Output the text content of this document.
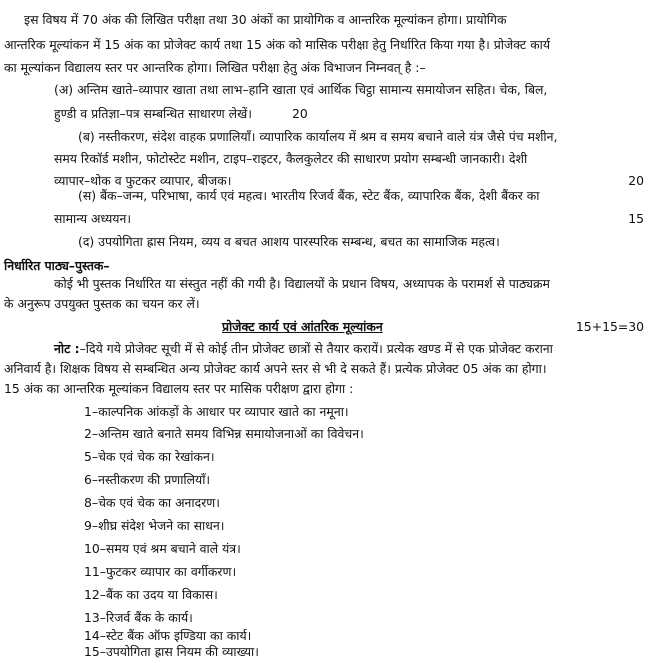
इस विषय में 70 अंक की लिखित परीक्षा तथा 30 अंकों का प्रायोगिक व आन्तरिक मूल्यांकन होगा। प्रायोगिक
आन्तरिक मूल्यांकन में 15 अंक का प्रोजेक्ट कार्य तथा 15 अंक को मासिक परीक्षा हेतु निर्धारित किया गया है। प्रोजेक्ट कार्य
का मूल्यांकन विद्यालय स्तर पर आन्तरिक होगा। लिखित परीक्षा हेतु अंक विभाजन निम्नवत् है :–
(अ) अन्तिम खाते–व्यापार खाता तथा लाभ–हानि खाता एवं आर्थिक चिट्ठा सामान्य समायोजन सहित। चेक, बिल,
हुण्डी व प्रतिज्ञा–पत्र सम्बन्धित साधारण लेखें।	20
(ब) नस्तीकरण, संदेश वाहक प्रणालियाँ। व्यापारिक कार्यालय में श्रम व समय बचाने वाले यंत्र जैसे पंच मशीन,
समय रिकॉर्ड मशीन, फोटोस्टेट मशीन, टाइप–राइटर, कैलकुलेटर की साधारण प्रयोग सम्बन्धी जानकारी। देशी
व्यापार–थोक व फुटकर व्यापार, बीजक।	20
(स) बैंक–जन्म, परिभाषा, कार्य एवं महत्व। भारतीय रिजर्व बैंक, स्टेट बैंक, व्यापारिक बैंक, देशी बैंकर का
सामान्य अध्ययन।	15
(द) उपयोगिता ह्रास नियम, व्यय व बचत आशय पारस्परिक सम्बन्ध, बचत का सामाजिक महत्व।
निर्धारित पाठ्य–पुस्तक–
कोई भी पुस्तक निर्धारित या संस्तुत नहीं की गयी है। विद्यालयों के प्रधान विषय, अध्यापक के परामर्श से पाठ्यक्रम
के अनुरूप उपयुक्त पुस्तक का चयन कर लें।
प्रोजेक्ट कार्य एवं आंतरिक मूल्यांकन	15+15=30
नोट :–दिये गये प्रोजेक्ट सूची में से कोई तीन प्रोजेक्ट छात्रों से तैयार करायें। प्रत्येक खण्ड में से एक प्रोजेक्ट कराना
अनिवार्य है। शिक्षक विषय से सम्बन्धित अन्य प्रोजेक्ट कार्य अपने स्तर से भी दे सकते हैं। प्रत्येक प्रोजेक्ट 05 अंक का होगा।
15 अंक का आन्तरिक मूल्यांकन विद्यालय स्तर पर मासिक परीक्षण द्वारा होगा :
1–काल्पनिक आंकड़ों के आधार पर व्यापार खाते का नमूना।
2–अन्तिम खाते बनाते समय विभिन्न समायोजनाओं का विवेचन।
5–चेक एवं चेक का रेखांकन।
6–नस्तीकरण की प्रणालियाँ।
8–चेक एवं चेक का अनादरण।
9–शीघ्र संदेश भेजने का साधन।
10–समय एवं श्रम बचाने वाले यंत्र।
11–फुटकर व्यापार का वर्गीकरण।
12–बैंक का उदय या विकास।
13–रिजर्व बैंक के कार्य।
14–स्टेट बैंक ऑफ इण्डिया का कार्य।
15–उपयोगिता ह्रास नियम की व्याख्या।
